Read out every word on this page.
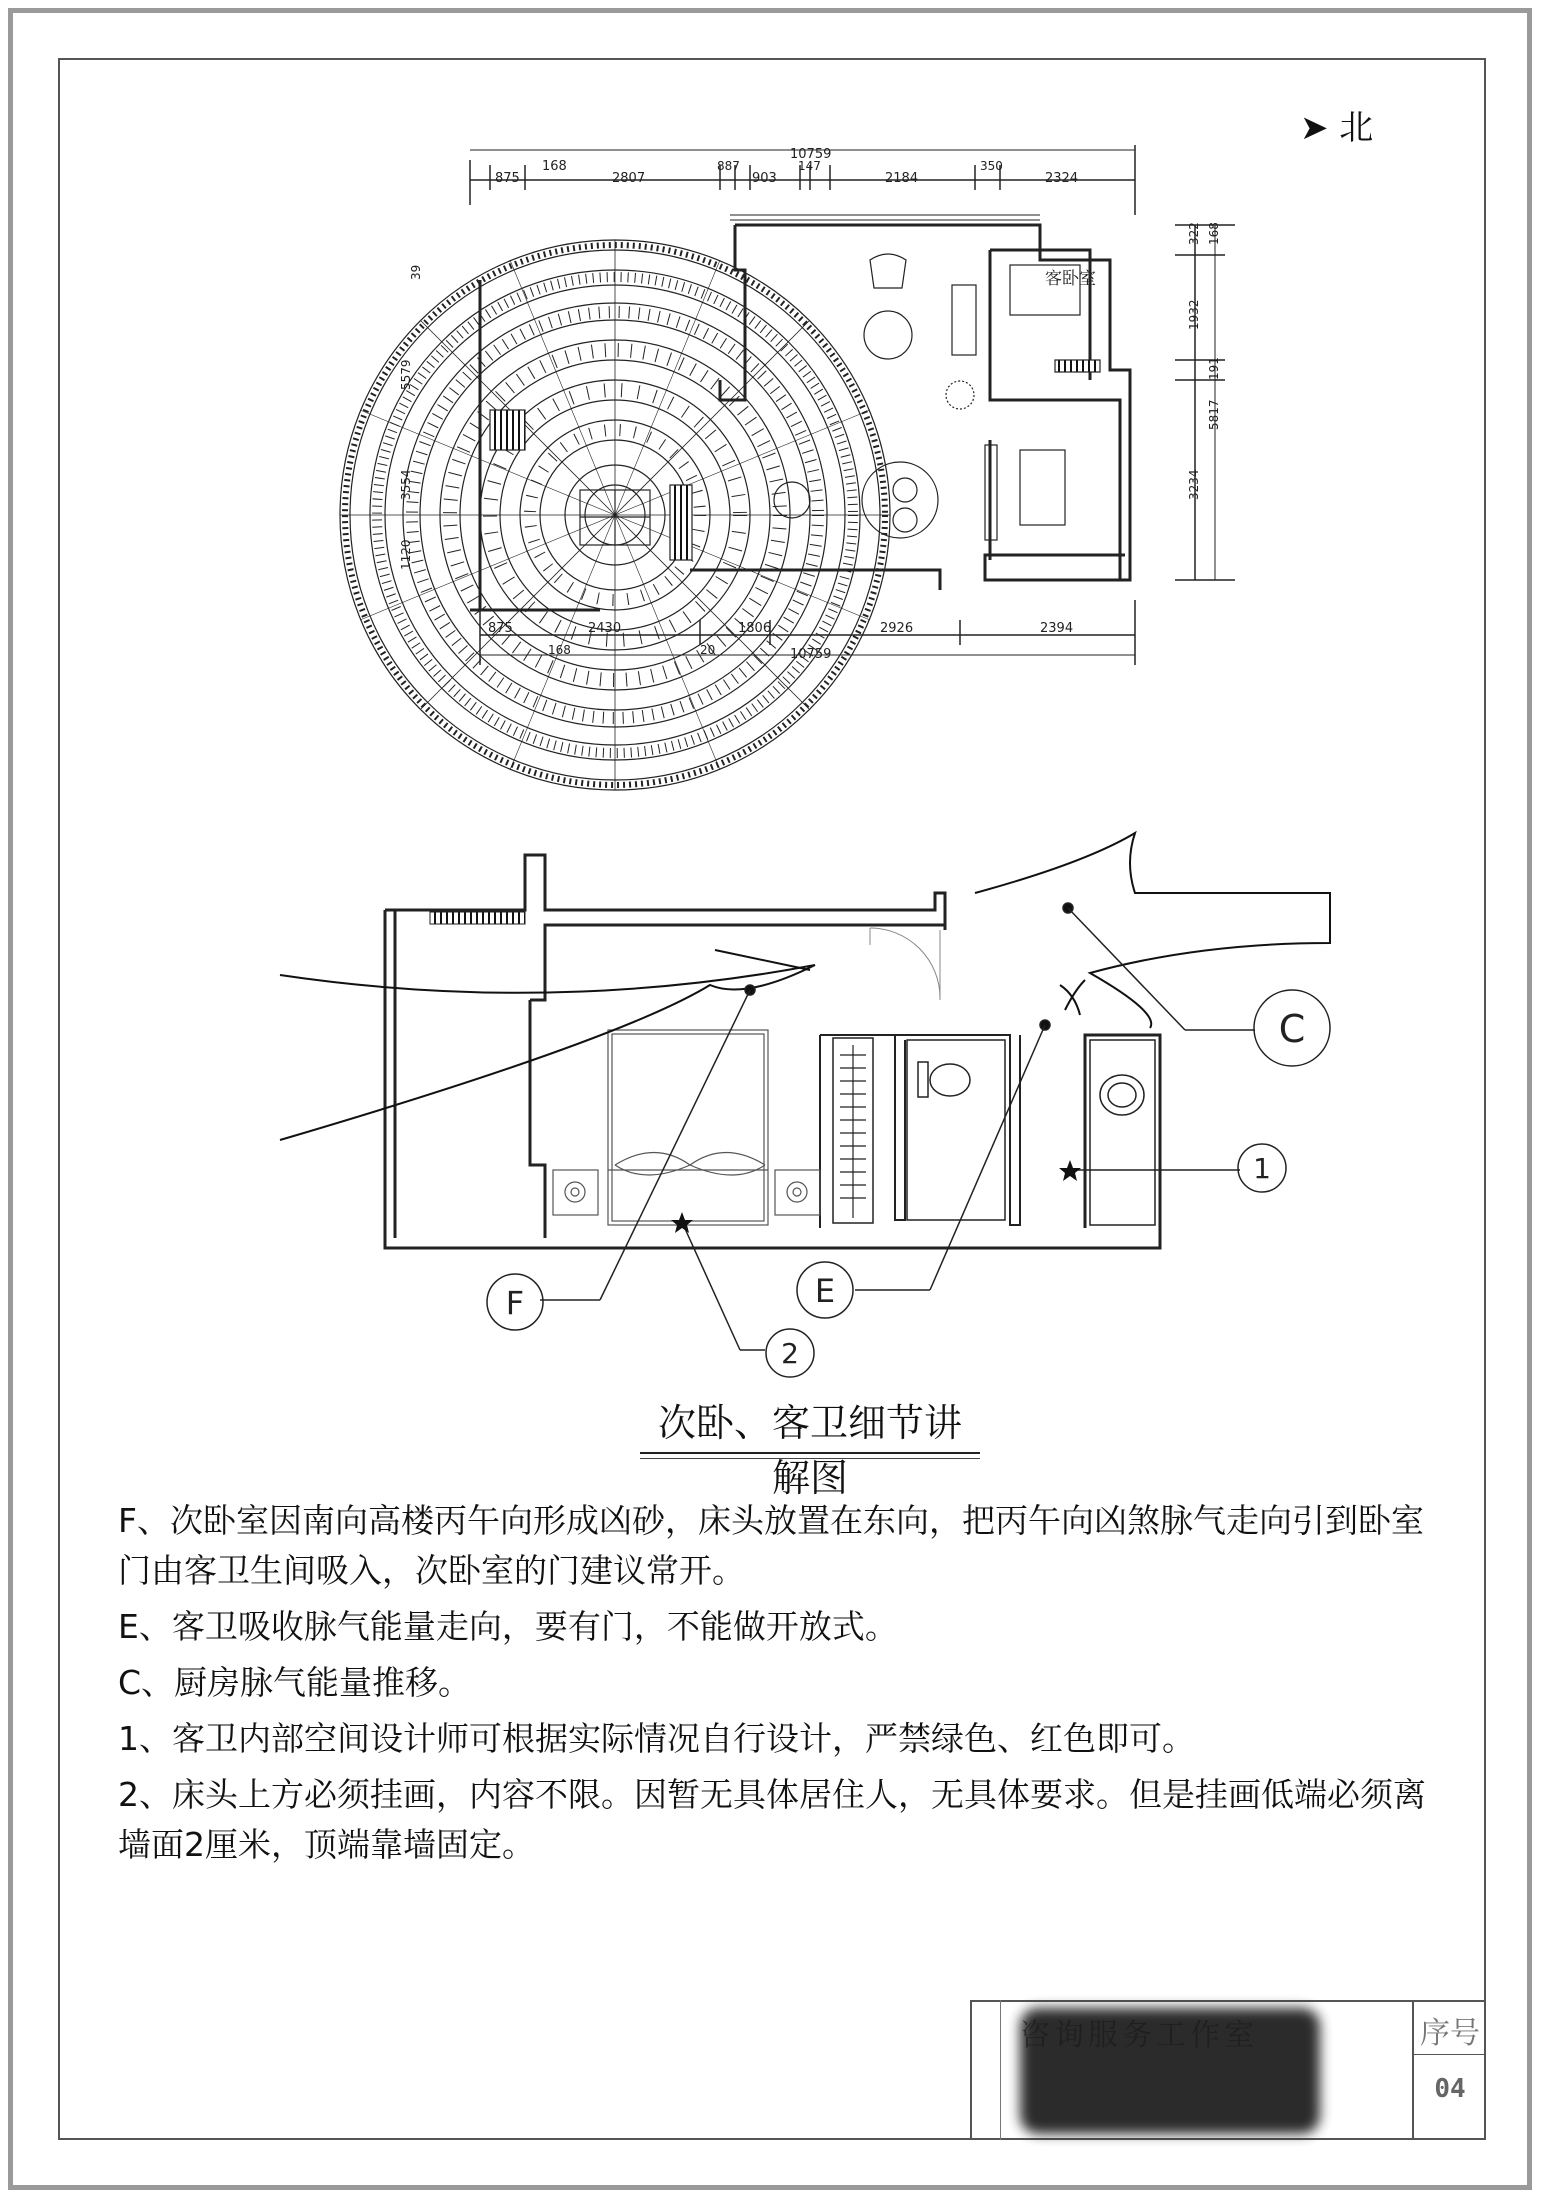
➤ 北
10759
875
168
2807
887
903
147
2184
350
2324
2430	1806	2926	2394
10759
875
168	20
客卧室
322
1932
168
191
5817
3234
39
5579
3554
1120
C
F	E
1
2
次卧、客卫细节讲解图

F、次卧室因南向高楼丙午向形成凶砂，床头放置在东向，把丙午向凶煞脉气走向引到卧室门由客卫生间吸入，次卧室的门建议常开。

E、客卫吸收脉气能量走向，要有门，不能做开放式。

C、厨房脉气能量推移。

1、客卫内部空间设计师可根据实际情况自行设计，严禁绿色、红色即可。

2、床头上方必须挂画，内容不限。因暂无具体居住人，无具体要求。但是挂画低端必须离墙面2厘米，顶端靠墙固定。

序号
04
